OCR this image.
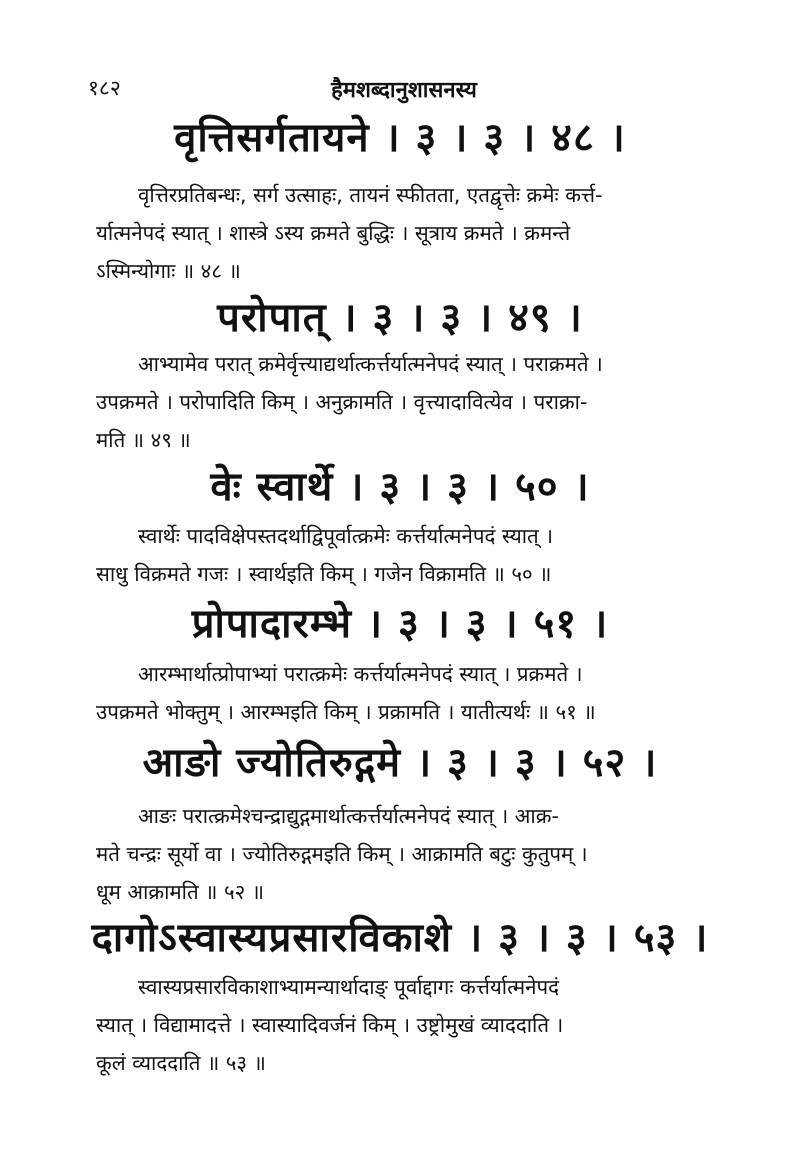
१८२	हैमशब्दानुशासनस्य
वृत्तिसर्गतायने । ३ । ३ । ४८ ।
वृत्तिरप्रतिबन्धः, सर्ग उत्साहः, तायनं स्फीतता, एतद्वृत्तेः क्रमेः कर्त्त-
र्यात्मनेपदं स्यात् । शास्त्रे ऽस्य क्रमते बुद्धिः । सूत्राय क्रमते । क्रमन्ते
ऽस्मिन्योगाः ॥ ४८ ॥
परोपात् । ३ । ३ । ४९ ।
आभ्यामेव परात् क्रमेर्वृत्त्याद्यर्थात्कर्त्तर्यात्मनेपदं स्यात् । पराक्रमते ।
उपक्रमते । परोपादिति किम् । अनुक्रामति । वृत्त्यादावित्येव । पराक्रा-
मति ॥ ४९ ॥
वेः स्वार्थे । ३ । ३ । ५० ।
स्वार्थेः पादविक्षेपस्तदर्थाद्विपूर्वात्क्रमेः कर्त्तर्यात्मनेपदं स्यात् ।
साधु विक्रमते गजः । स्वार्थइति किम् । गजेन विक्रामति ॥ ५० ॥
प्रोपादारम्भे । ३ । ३ । ५१ ।
आरम्भार्थात्प्रोपाभ्यां परात्क्रमेः कर्त्तर्यात्मनेपदं स्यात् । प्रक्रमते ।
उपक्रमते भोक्तुम् । आरम्भइति किम् । प्रक्रामति । यातीत्यर्थः ॥ ५१ ॥
आङो ज्योतिरुद्गमे । ३ । ३ । ५२ ।
आङः परात्क्रमेश्चन्द्राद्युद्गमार्थात्कर्त्तर्यात्मनेपदं स्यात् । आक्र-
मते चन्द्रः सूर्यो वा । ज्योतिरुद्गमइति किम् । आक्रामति बटुः कुतुपम् ।
धूम आक्रामति ॥ ५२ ॥
दागोऽस्वास्यप्रसारविकाशे । ३ । ३ । ५३ ।
स्वास्यप्रसारविकाशाभ्यामन्यार्थादाङ् पूर्वाद्दागः कर्त्तर्यात्मनेपदं
स्यात् । विद्यामादत्ते । स्वास्यादिवर्जनं किम् । उष्ट्रोमुखं व्याददाति ।
कूलं व्याददाति ॥ ५३ ॥
